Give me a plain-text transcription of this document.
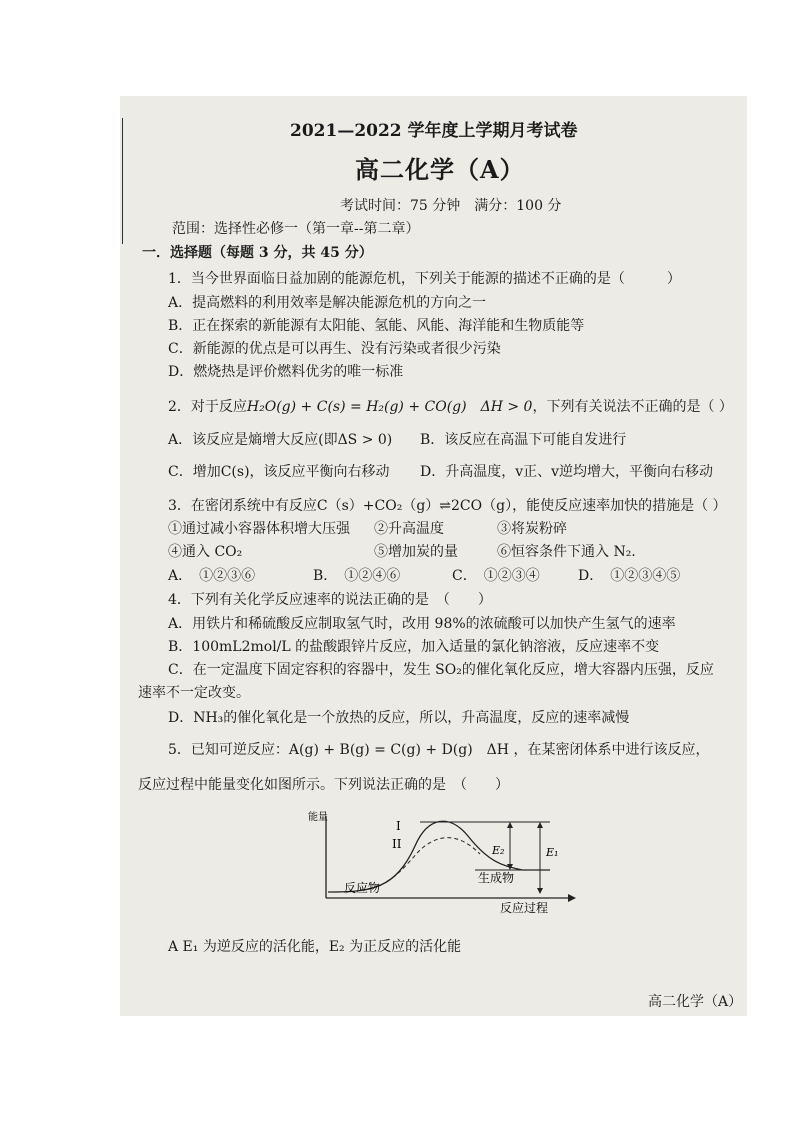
2021—2022 学年度上学期月考试卷
高二化学（A）
考试时间：75 分钟　满分：100 分
范围：选择性必修一（第一章--第二章）
一．选择题（每题 3 分，共 45 分）
1．当今世界面临日益加剧的能源危机，下列关于能源的描述不正确的是（　　　）
A．提高燃料的利用效率是解决能源危机的方向之一
B．正在探索的新能源有太阳能、氢能、风能、海洋能和生物质能等
C．新能源的优点是可以再生、没有污染或者很少污染
D．燃烧热是评价燃料优劣的唯一标准
2．对于反应H₂O(g) + C(s) = H₂(g) + CO(g)　ΔH > 0，下列有关说法不正确的是（ ）
A．该反应是熵增大反应(即ΔS > 0) B．该反应在高温下可能自发进行
C．增加C(s)，该反应平衡向右移动 D．升高温度，v正、v逆均增大，平衡向右移动
3．在密闭系统中有反应C（s）+CO₂（g）⇌2CO（g），能使反应速率加快的措施是（ ）
①通过减小容器体积增大压强 ②升高温度	③将炭粉碎
④通入 CO₂	⑤增加炭的量	⑥恒容条件下通入 N₂.
A．　①②③⑥	B．　①②④⑥	C．　①②③④	D．　①②③④⑤
4．下列有关化学反应速率的说法正确的是　（　　）
A．用铁片和稀硫酸反应制取氢气时，改用 98%的浓硫酸可以加快产生氢气的速率
B．100mL2mol/L 的盐酸跟锌片反应，加入适量的氯化钠溶液，反应速率不变
C．在一定温度下固定容积的容器中，发生 SO₂的催化氧化反应，增大容器内压强，反应
速率不一定改变。
D．NH₃的催化氧化是一个放热的反应，所以，升高温度，反应的速率减慢
5．已知可逆反应：A(g) + B(g) = C(g) + D(g)　ΔH ，在某密闭体系中进行该反应，
反应过程中能量变化如图所示。下列说法正确的是　（　　）
能量
反应过程
I
II	E₂	E₁
反应物
生成物
A E₁ 为逆反应的活化能，E₂ 为正反应的活化能
高二化学（A）
